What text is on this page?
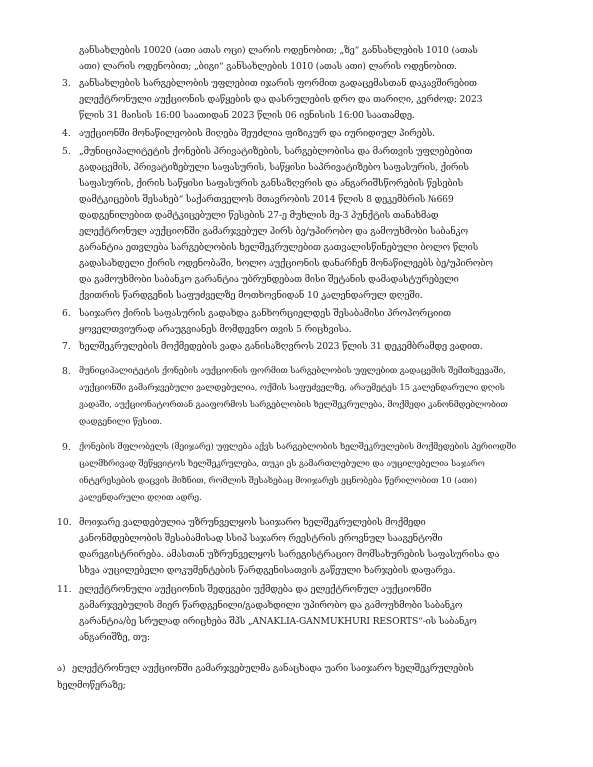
განსახლების 10020 (ათი ათას ოცი) ლარის ოდენობით; „ზე“ განსახლების 1010 (ათას
ათი) ლარის ოდენობით; „ბიგი“ განსახლების 1010 (ათას ათი) ლარის ოდენობით.
3. განსახლების სარგებლობის უფლებით იჯარის ფორმით გადაცემასთან დაკავშირებით
ელექტრონული აუქციონის დაწყების და დასრულების დრო და თარიღი, კერძოდ: 2023
წლის 31 მაისის 16:00 საათიდან 2023 წლის 06 ივნისის 16:00 საათამდე.
4. აუქციონში მონაწილეობის მიღება შეუძლია ფიზიკურ და იურიდიულ პირებს.
5. „მუნიციპალიტეტის ქონების პრივატიზების, სარგებლობისა და მართვის უფლებებით
გადაცემის, პრივატიზებული საფასურის, საწყისი საპრივატიზებო საფასურის, ქირის
საფასურის, ქირის საწყისი საფასურის განსაზღვრის და ანგარიშსწორების წესების
დამტკიცების შესახებ“ საქართველოს მთავრობის 2014 წლის 8 დეკემბრის №669
დადგენილებით დამტკიცებული წესების 27-ე მუხლის მე-3 პუნქტის თანახმად
ელექტრონულ აუქციონში გამარჯვებულ პირს ბე/უპირობო და გამოუხმობი საბანკო
გარანტია ეთვლება სარგებლობის ხელშეკრულებით გათვალისწინებული ბოლო წლის
გადასახდელი ქირის ოდენობაში, ხოლო აუქციონის დანარჩენ მონაწილეებს ბე/უპირობო
და გამოუხმობი საბანკო გარანტია უბრუნდებათ მისი შეტანის დამადასტურებელი
ქვითრის წარდგენის საფუძველზე მოთხოვნიდან 10 კალენდარულ დღეში.
6. საიჯარო ქირის საფასურის გადახდა განხორციელდეს შესაბამისი პროპორციით
ყოველთვიურად არაუგვიანეს მომდევნო თვის 5 რიცხვისა.
7. ხელშეკრულების მოქმედების ვადა განისაზღვროს 2023 წლის 31 დეკემბრამდე ვადით.
8. მუნიციპალიტეტის ქონების აუქციონის ფორმით სარგებლობის უფლებით გადაცემის შემთხვევაში,
აუქციონში გამარჯვებული ვალდებულია, ოქმის საფუძველზე, არაუმეტეს 15 კალენდარული დღის
ვადაში, აუქციონატორთან გააფორმოს სარგებლობის ხელშეკრულება, მოქმედი კანონმდებლობით
დადგენილი წესით.
9. ქონების მფლობელს (მეიჯარე) უფლება აქვს სარგებლობის ხელშეკრულების მოქმედების პერიოდში
ცალმხრივად შეწყვიტოს ხელშეკრულება, თუკი ეს გამართლებული და აუცილებელია საჯარო
ინტერესების დაცვის მიზნით, რომლის შესახებაც მოიჯარეს ეცნობება წერილობით 10 (ათი)
კალენდარული დღით ადრე.
10. მოიჯარე ვალდებულია უზრუნველყოს საიჯარო ხელშეკრულების მოქმედი
კანონმდებლობის შესაბამისად სსიპ საჯარო რეესტრის ეროვნულ სააგენტოში
დარეგისტრირება. ამასთან უზრუნველყოს სარეგისტრაციო მომსახურების საფასურისა და
სხვა აუცილებელი დოკუმენტების წარდგენისათვის გაწეული ხარჯების დაფარვა.
11. ელექტრონული აუქციონის შედეგები უქმდება და ელექტრონულ აუქციონში
გამარჯვებულის მიერ წარდგენილი/გადახდილი უპირობო და გამოუხმობი საბანკო
გარანტია/ბე სრულად ირიცხება შპს „ANAKLIA-GANMUKHURI RESORTS“-ის საბანკო
ანგარიშზე, თუ:
ა) ელექტრონულ აუქციონში გამარჯვებულმა განაცხადა უარი საიჯარო ხელშეკრულების
ხელმოწერაზე;
